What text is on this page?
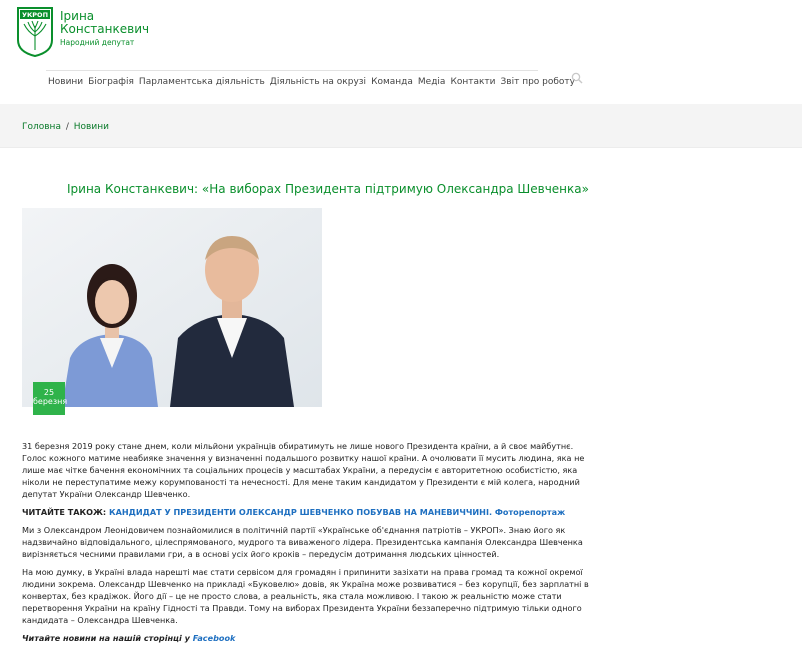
УКРОП Ірина
Констанкевич
Народний депутат
Новини Біографія Парламентська діяльність Діяльність на окрузі Команда Медіа Контакти Звіт про роботу
Головна / Новини
Ірина Констанкевич: «На виборах Президента підтримую Олександра Шевченка»
25
березня

31 березня 2019 року стане днем, коли мільйони українців обиратимуть не лише нового Президента країни, а й своє майбутнє. Голос кожного матиме неабияке значення у визначенні подальшого розвитку нашої країни. А очолювати її мусить людина, яка не лише має чітке бачення економічних та соціальних процесів у масштабах України, а передусім є авторитетною особистістю, яка ніколи не переступатиме межу корумпованості та нечесності. Для мене таким кандидатом у Президенти є мій колега, народний депутат України Олександр Шевченко.

ЧИТАЙТЕ ТАКОЖ: КАНДИДАТ У ПРЕЗИДЕНТИ ОЛЕКСАНДР ШЕВЧЕНКО ПОБУВАВ НА МАНЕВИЧЧИНІ. Фоторепортаж

Ми з Олександром Леонідовичем познайомилися в політичній партії «Українське об'єднання патріотів – УКРОП». Знаю його як надзвичайно відповідального, цілеспрямованого, мудрого та виваженого лідера. Президентська кампанія Олександра Шевченка вирізняється чесними правилами гри, а в основі усіх його кроків – передусім дотримання людських цінностей.

На мою думку, в Україні влада нарешті має стати сервісом для громадян і припинити зазіхати на права громад та кожної окремої людини зокрема. Олександр Шевченко на прикладі «Буковелю» довів, як Україна може розвиватися – без корупції, без зарплатні в конвертах, без крадіжок. Його дії – це не просто слова, а реальність, яка стала можливою. І такою ж реальністю може стати перетворення України на країну Гідності та Правди. Тому на виборах Президента України беззаперечно підтримую тільки одного кандидата – Олександра Шевченка.

Читайте новини на нашій сторінці у Facebook
